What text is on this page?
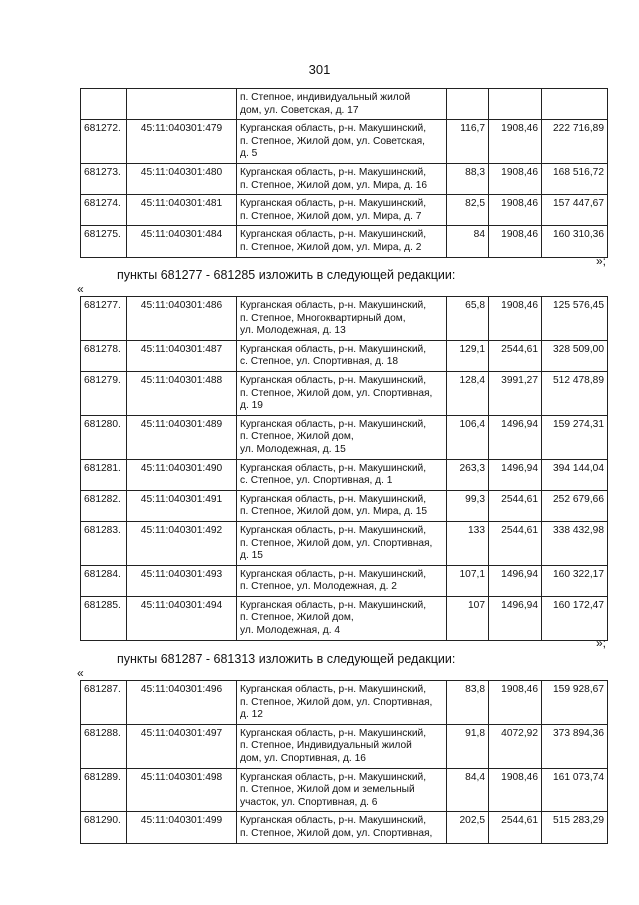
301

		п. Степное, индивидуальный жилой
дом, ул. Советская, д. 17			

681272.	45:11:040301:479	Курганская область, р-н. Макушинский,
п. Степное, Жилой дом, ул. Советская,
д. 5	116,7	1908,46	222 716,89
681273.	45:11:040301:480	Курганская область, р-н. Макушинский,
п. Степное, Жилой дом, ул. Мира, д. 16	88,3	1908,46	168 516,72
681274.	45:11:040301:481	Курганская область, р-н. Макушинский,
п. Степное, Жилой дом, ул. Мира, д. 7	82,5	1908,46	157 447,67
681275.	45:11:040301:484	Курганская область, р-н. Макушинский,
п. Степное, Жилой дом, ул. Мира, д. 2	84	1908,46	160 310,36
»;
пункты 681277 - 681285 изложить в следующей редакции:
«
681277.	45:11:040301:486	Курганская область, р-н. Макушинский,
п. Степное, Многоквартирный дом,
ул. Молодежная, д. 13	65,8	1908,46	125 576,45
681278.	45:11:040301:487	Курганская область, р-н. Макушинский,
с. Степное, ул. Спортивная, д. 18	129,1	2544,61	328 509,00
681279.	45:11:040301:488	Курганская область, р-н. Макушинский,
п. Степное, Жилой дом, ул. Спортивная,
д. 19	128,4	3991,27	512 478,89
681280.	45:11:040301:489	Курганская область, р-н. Макушинский,
п. Степное, Жилой дом,
ул. Молодежная, д. 15	106,4	1496,94	159 274,31
681281.	45:11:040301:490	Курганская область, р-н. Макушинский,
с. Степное, ул. Спортивная, д. 1	263,3	1496,94	394 144,04
681282.	45:11:040301:491	Курганская область, р-н. Макушинский,
п. Степное, Жилой дом, ул. Мира, д. 15	99,3	2544,61	252 679,66
681283.	45:11:040301:492	Курганская область, р-н. Макушинский,
п. Степное, Жилой дом, ул. Спортивная,
д. 15	133	2544,61	338 432,98
681284.	45:11:040301:493	Курганская область, р-н. Макушинский,
п. Степное, ул. Молодежная, д. 2	107,1	1496,94	160 322,17
681285.	45:11:040301:494	Курганская область, р-н. Макушинский,
п. Степное, Жилой дом,
ул. Молодежная, д. 4	107	1496,94	160 172,47
»;
пункты 681287 - 681313 изложить в следующей редакции:
«
681287.	45:11:040301:496	Курганская область, р-н. Макушинский,
п. Степное, Жилой дом, ул. Спортивная,
д. 12	83,8	1908,46	159 928,67
681288.	45:11:040301:497	Курганская область, р-н. Макушинский,
п. Степное, Индивидуальный жилой
дом, ул. Спортивная, д. 16	91,8	4072,92	373 894,36
681289.	45:11:040301:498	Курганская область, р-н. Макушинский,
п. Степное, Жилой дом и земельный
участок, ул. Спортивная, д. 6	84,4	1908,46	161 073,74
681290.	45:11:040301:499	Курганская область, р-н. Макушинский,
п. Степное, Жилой дом, ул. Спортивная,	202,5	2544,61	515 283,29
